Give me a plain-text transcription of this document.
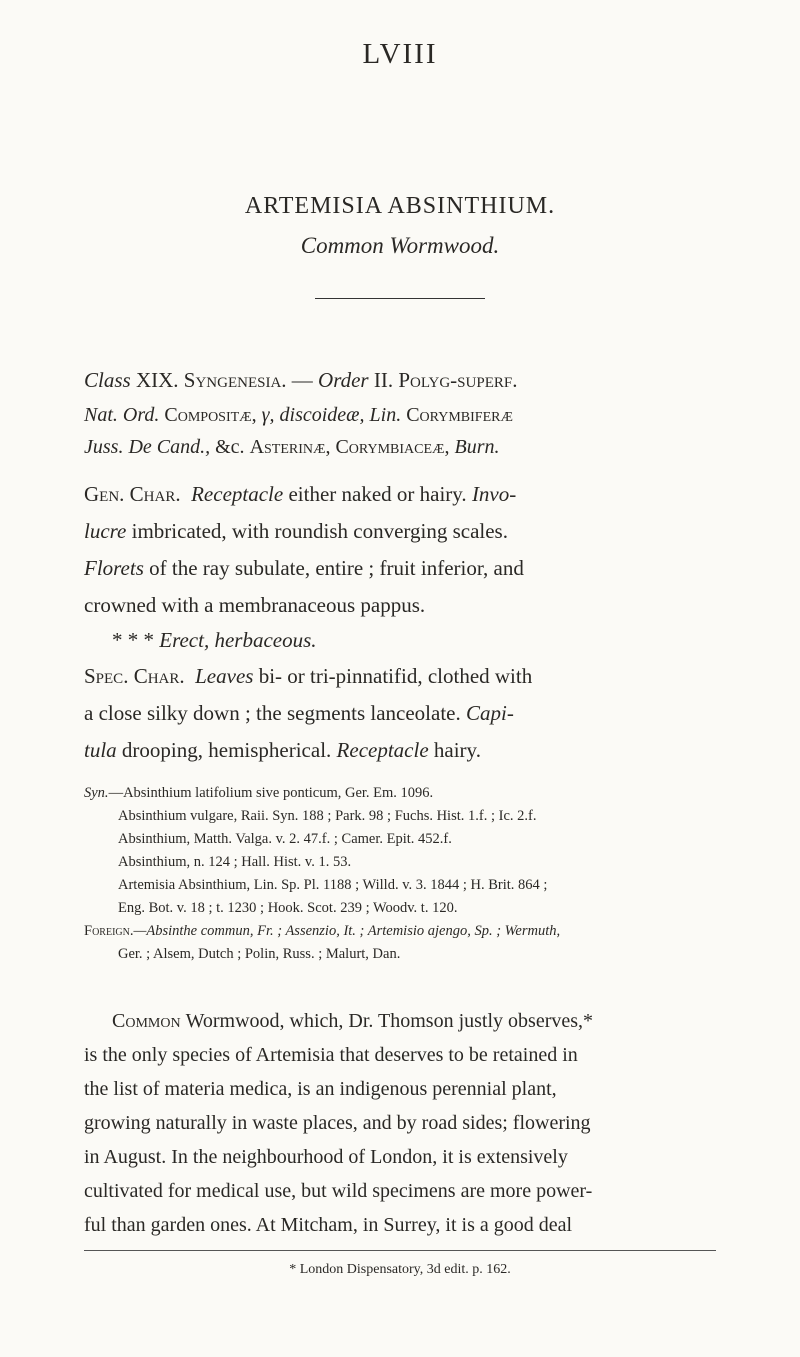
LVIII
ARTEMISIA ABSINTHIUM.
Common Wormwood.
Class XIX. Syngenesia. — Order II. Polyg-superf.
Nat. Ord. Compositæ, γ, discoideæ, Lin. Corymbiferæ
Juss. De Cand., &c. Asterinæ, Corymbiaceæ, Burn.
Gen. Char. Receptacle either naked or hairy. Invo-
lucre imbricated, with roundish converging scales.
Florets of the ray subulate, entire ; fruit inferior, and
crowned with a membranaceous pappus.
* * * Erect, herbaceous.
Spec. Char. Leaves bi- or tri-pinnatifid, clothed with
a close silky down ; the segments lanceolate. Capi-
tula drooping, hemispherical. Receptacle hairy.
Syn.—Absinthium latifolium sive ponticum, Ger. Em. 1096.
Absinthium vulgare, Raii. Syn. 188 ; Park. 98 ; Fuchs. Hist. 1.f. ; Ic. 2.f.
Absinthium, Matth. Valga. v. 2. 47.f. ; Camer. Epit. 452.f.
Absinthium, n. 124 ; Hall. Hist. v. 1. 53.
Artemisia Absinthium, Lin. Sp. Pl. 1188 ; Willd. v. 3. 1844 ; H. Brit. 864 ;
Eng. Bot. v. 18 ; t. 1230 ; Hook. Scot. 239 ; Woodv. t. 120.
Foreign.—Absinthe commun, Fr. ; Assenzio, It. ; Artemisio ajengo, Sp. ; Wermuth,
Ger. ; Alsem, Dutch ; Polin, Russ. ; Malurt, Dan.
Common Wormwood, which, Dr. Thomson justly observes,*
is the only species of Artemisia that deserves to be retained in
the list of materia medica, is an indigenous perennial plant,
growing naturally in waste places, and by road sides; flowering
in August. In the neighbourhood of London, it is extensively
cultivated for medical use, but wild specimens are more power-
ful than garden ones. At Mitcham, in Surrey, it is a good deal
* London Dispensatory, 3d edit. p. 162.
